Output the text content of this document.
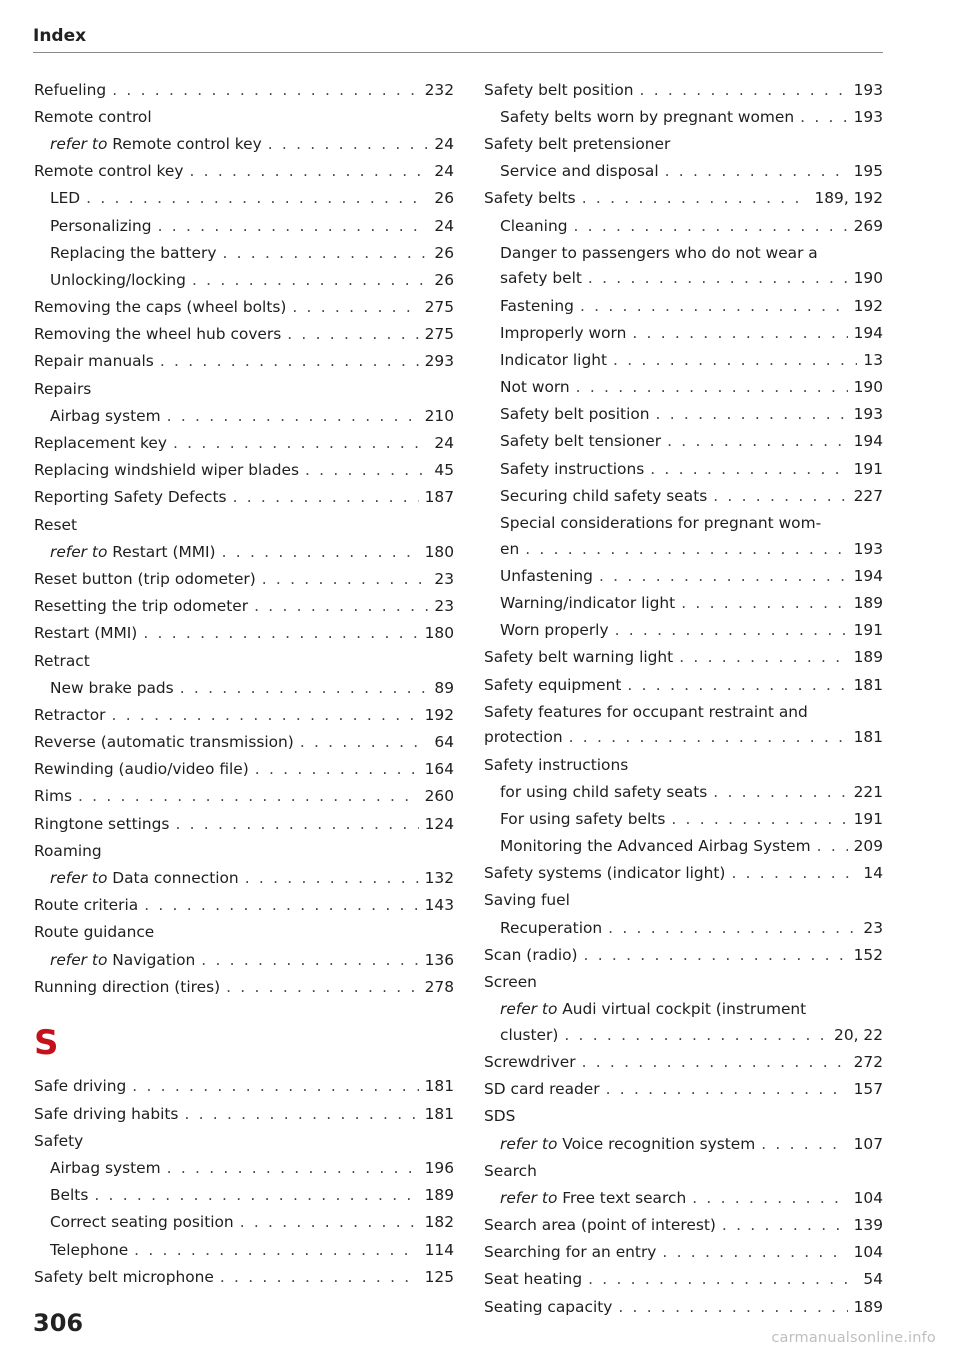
Index
Refueling . . .	232
Remote control
refer to Remote control key . . .	24
Remote control key . . .	24
LED . . .	26
Personalizing . . .	24
Replacing the battery . . .	26
Unlocking/locking . . .	26
Removing the caps (wheel bolts) . . .	275
Removing the wheel hub covers . . .	275
Repair manuals . . .	293
Repairs
Airbag system . . .	210
Replacement key . . .	24
Replacing windshield wiper blades . . .	45
Reporting Safety Defects . . .	187
Reset
refer to Restart (MMI) . . .	180
Reset button (trip odometer) . . .	23
Resetting the trip odometer . . .	23
Restart (MMI) . . .	180
Retract
New brake pads . . .	89
Retractor . . .	192
Reverse (automatic transmission) . . .	64
Rewinding (audio/video file) . . .	164
Rims . . .	260
Ringtone settings . . .	124
Roaming
refer to Data connection . . .	132
Route criteria . . .	143
Route guidance
refer to Navigation . . .	136
Running direction (tires) . . .	278
S
Safe driving . . .	181
Safe driving habits . . .	181
Safety
Airbag system . . .	196
Belts . . .	189
Correct seating position . . .	182
Telephone . . .	114
Safety belt microphone . . .	125
Safety belt position . . .	193
Safety belts worn by pregnant women . . .	193
Safety belt pretensioner
Service and disposal . . .	195
Safety belts . . .	189, 192
Cleaning . . .	269
Danger to passengers who do not wear a
safety belt . . .	190
Fastening . . .	192
Improperly worn . . .	194
Indicator light . . .	13
Not worn . . .	190
Safety belt position . . .	193
Safety belt tensioner . . .	194
Safety instructions . . .	191
Securing child safety seats . . .	227
Special considerations for pregnant wom-
en . . .	193
Unfastening . . .	194
Warning/indicator light . . .	189
Worn properly . . .	191
Safety belt warning light . . .	189
Safety equipment . . .	181
Safety features for occupant restraint and
protection . . .	181
Safety instructions
for using child safety seats . . .	221
For using safety belts . . .	191
Monitoring the Advanced Airbag System . . .	209
Safety systems (indicator light) . . .	14
Saving fuel
Recuperation . . .	23
Scan (radio) . . .	152
Screen
refer to Audi virtual cockpit (instrument
cluster) . . .	20, 22
Screwdriver . . .	272
SD card reader . . .	157
SDS
refer to Voice recognition system . . .	107
Search
refer to Free text search . . .	104
Search area (point of interest) . . .	139
Searching for an entry . . .	104
Seat heating . . .	54
Seating capacity . . .	189
306
carmanualsonline.info
